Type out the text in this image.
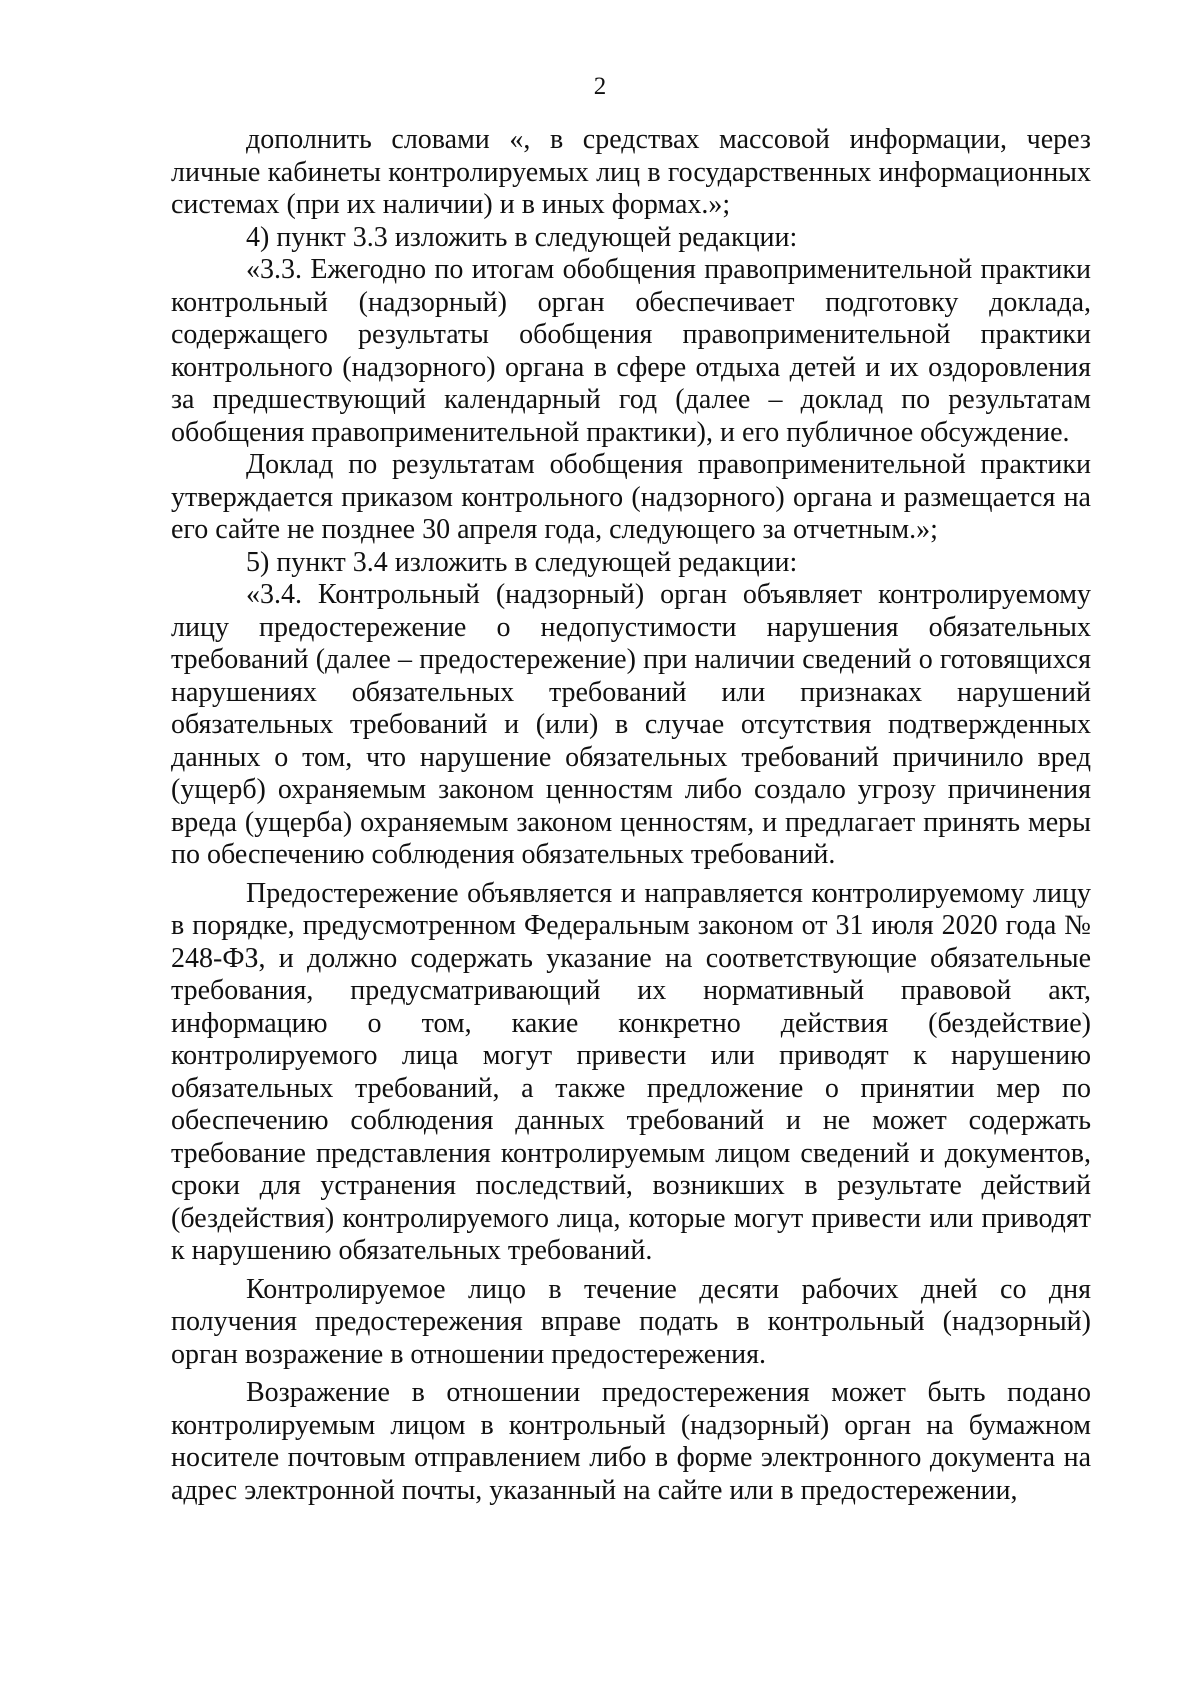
2

дополнить словами «, в средствах массовой информации, через личные кабинеты контролируемых лиц в государственных информационных системах (при их наличии) и в иных формах.»;

4) пункт 3.3 изложить в следующей редакции:

«3.3. Ежегодно по итогам обобщения правоприменительной практики контрольный (надзорный) орган обеспечивает подготовку доклада, содержащего результаты обобщения правоприменительной практики контрольного (надзорного) органа в сфере отдыха детей и их оздоровления за предшествующий календарный год (далее – доклад по результатам обобщения правоприменительной практики), и его публичное обсуждение.

Доклад по результатам обобщения правоприменительной практики утверждается приказом контрольного (надзорного) органа и размещается на его сайте не позднее 30 апреля года, следующего за отчетным.»;

5) пункт 3.4 изложить в следующей редакции:

«3.4. Контрольный (надзорный) орган объявляет контролируемому лицу предостережение о недопустимости нарушения обязательных требований (далее – предостережение) при наличии сведений о готовящихся нарушениях обязательных требований или признаках нарушений обязательных требований и (или) в случае отсутствия подтвержденных данных о том, что нарушение обязательных требований причинило вред (ущерб) охраняемым законом ценностям либо создало угрозу причинения вреда (ущерба) охраняемым законом ценностям, и предлагает принять меры по обеспечению соблюдения обязательных требований.

Предостережение объявляется и направляется контролируемому лицу в порядке, предусмотренном Федеральным законом от 31 июля 2020 года № 248-ФЗ, и должно содержать указание на соответствующие обязательные требования, предусматривающий их нормативный правовой акт, информацию о том, какие конкретно действия (бездействие) контролируемого лица могут привести или приводят к нарушению обязательных требований, а также предложение о принятии мер по обеспечению соблюдения данных требований и не может содержать требование представления контролируемым лицом сведений и документов, сроки для устранения последствий, возникших в результате действий (бездействия) контролируемого лица, которые могут привести или приводят к нарушению обязательных требований.

Контролируемое лицо в течение десяти рабочих дней со дня получения предостережения вправе подать в контрольный (надзорный) орган возражение в отношении предостережения.

Возражение в отношении предостережения может быть подано контролируемым лицом в контрольный (надзорный) орган на бумажном носителе почтовым отправлением либо в форме электронного документа на адрес электронной почты, указанный на сайте или в предостережении,
